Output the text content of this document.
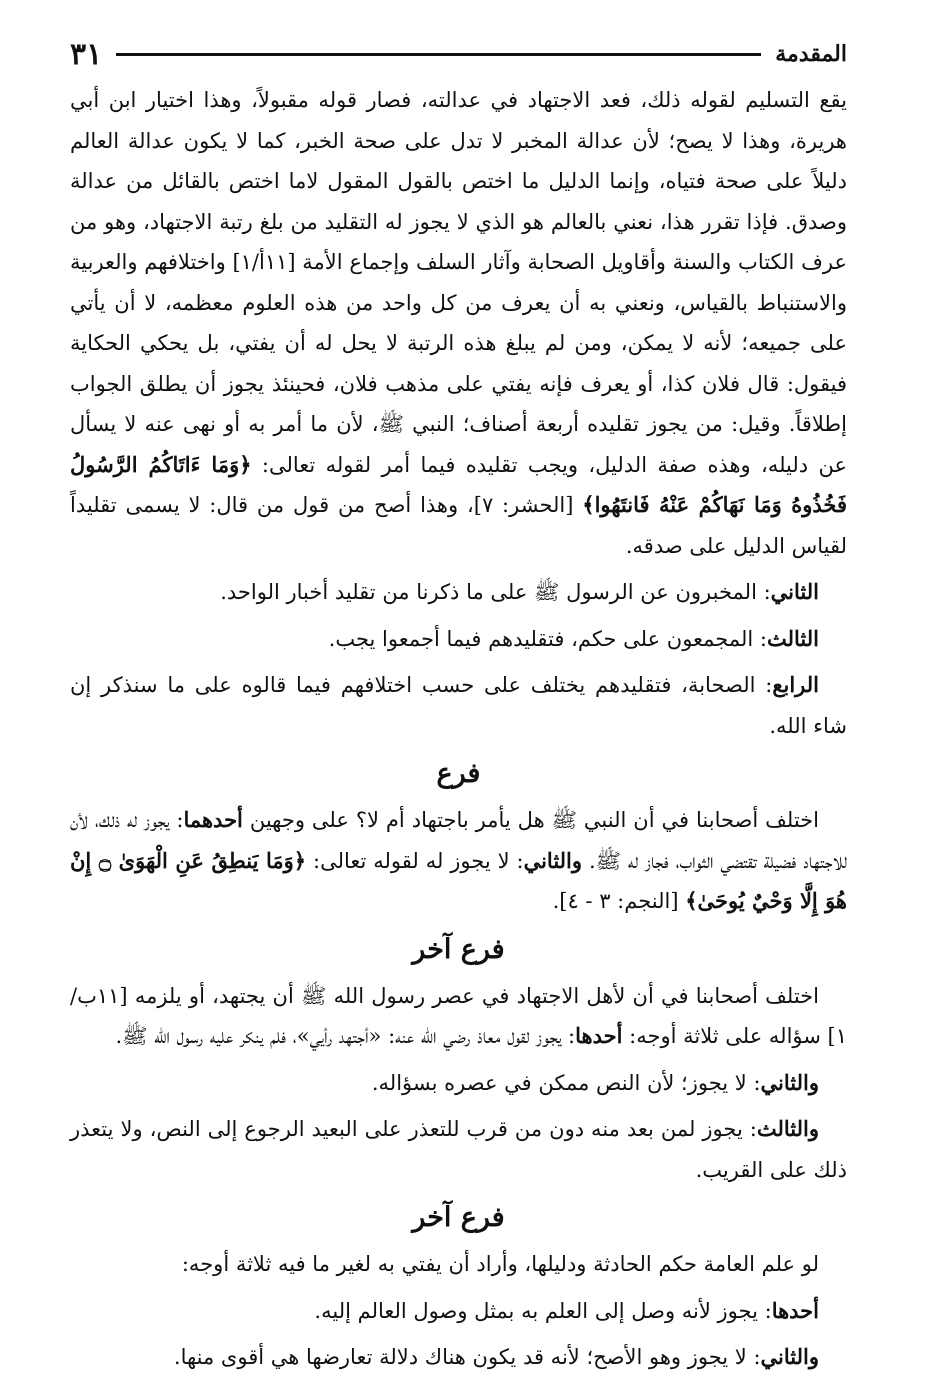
المقدمة
٣١

يقع التسليم لقوله ذلك، فعد الاجتهاد في عدالته، فصار قوله مقبولاً، وهذا اختيار ابن أبي هريرة، وهذا لا يصح؛ لأن عدالة المخبر لا تدل على صحة الخبر، كما لا يكون عدالة العالم دليلاً على صحة فتياه، وإنما الدليل ما اختص بالقول المقول لاما اختص بالقائل من عدالة وصدق. فإذا تقرر هذا، نعني بالعالم هو الذي لا يجوز له التقليد من بلغ رتبة الاجتهاد، وهو من عرف الكتاب والسنة وأقاويل الصحابة وآثار السلف وإجماع الأمة [١١أ/١] واختلافهم والعربية والاستنباط بالقياس، ونعني به أن يعرف من كل واحد من هذه العلوم معظمه، لا أن يأتي على جميعه؛ لأنه لا يمكن، ومن لم يبلغ هذه الرتبة لا يحل له أن يفتي، بل يحكي الحكاية فيقول: قال فلان كذا، أو يعرف فإنه يفتي على مذهب فلان، فحينئذ يجوز أن يطلق الجواب إطلاقاً. وقيل: من يجوز تقليده أربعة أصناف؛ النبي ﷺ، لأن ما أمر به أو نهى عنه لا يسأل عن دليله، وهذه صفة الدليل، ويجب تقليده فيما أمر لقوله تعالى: ﴿وَمَا ءَاتَاكُمُ الرَّسُولُ فَخُذُوهُ وَمَا نَهَاكُمْ عَنْهُ فَانتَهُوا﴾ [الحشر: ٧]، وهذا أصح من قول من قال: لا يسمى تقليداً لقياس الدليل على صدقه.

الثاني: المخبرون عن الرسول ﷺ على ما ذكرنا من تقليد أخبار الواحد.

الثالث: المجمعون على حكم، فتقليدهم فيما أجمعوا يجب.

الرابع: الصحابة، فتقليدهم يختلف على حسب اختلافهم فيما قالوه على ما سنذكر إن شاء الله.

فرع

اختلف أصحابنا في أن النبي ﷺ هل يأمر باجتهاد أم لا؟ على وجهين أحدهما: يجوز له ذلك، لأن للاجتهاد فضيلة تقتضي الثواب، فجاز له ﷺ. والثاني: لا يجوز له لقوله تعالى: ﴿وَمَا يَنطِقُ عَنِ الْهَوَىٰ ۝ إِنْ هُوَ إِلَّا وَحْيٌ يُوحَىٰ﴾ [النجم: ٣ - ٤].

فرع آخر

اختلف أصحابنا في أن لأهل الاجتهاد في عصر رسول الله ﷺ أن يجتهد، أو يلزمه [١١ب/١] سؤاله على ثلاثة أوجه: أحدها: يجوز لقول معاذ رضي الله عنه: «أجتهد رأيي»، فلم ينكر عليه رسول الله ﷺ.

والثاني: لا يجوز؛ لأن النص ممكن في عصره بسؤاله.

والثالث: يجوز لمن بعد منه دون من قرب للتعذر على البعيد الرجوع إلى النص، ولا يتعذر ذلك على القريب.

فرع آخر

لو علم العامة حكم الحادثة ودليلها، وأراد أن يفتي به لغير ما فيه ثلاثة أوجه:

أحدها: يجوز لأنه وصل إلى العلم به بمثل وصول العالم إليه.

والثاني: لا يجوز وهو الأصح؛ لأنه قد يكون هناك دلالة تعارضها هي أقوى منها.
